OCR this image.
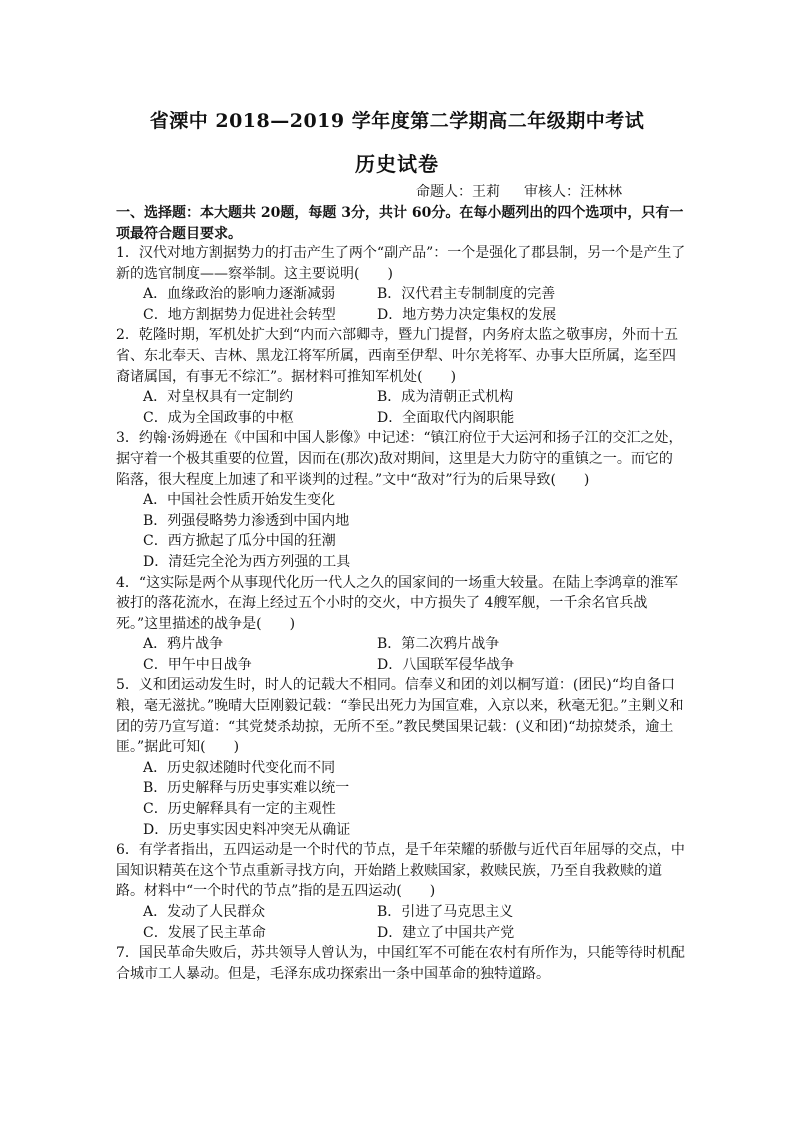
省溧中 2018—2019 学年度第二学期高二年级期中考试
历史试卷
命题人：王莉 审核人：汪林林
一、选择题：本大题共 20题，每题 3分，共计 60分。在每小题列出的四个选项中，只有一项最符合题目要求。

1．汉代对地方割据势力的打击产生了两个“副产品”：一个是强化了郡县制，另一个是产生了新的选官制度——察举制。这主要说明(　　)

A．血缘政治的影响力逐渐减弱	B．汉代君主专制制度的完善
C．地方割据势力促进社会转型	D．地方势力决定集权的发展

2．乾隆时期，军机处扩大到“内而六部卿寺，暨九门提督，内务府太监之敬事房，外而十五省、东北奉天、吉林、黑龙江将军所属，西南至伊犁、叶尔羌将军、办事大臣所属，迄至四裔诸属国，有事无不综汇”。据材料可推知军机处(　　)

A．对皇权具有一定制约	B．成为清朝正式机构
C．成为全国政事的中枢	D．全面取代内阁职能

3．约翰·汤姆逊在《中国和中国人影像》中记述：“镇江府位于大运河和扬子江的交汇之处，据守着一个极其重要的位置，因而在(那次)敌对期间，这里是大力防守的重镇之一。而它的陷落，很大程度上加速了和平谈判的过程。”文中“敌对”行为的后果导致(　　)

A．中国社会性质开始发生变化
B．列强侵略势力渗透到中国内地
C．西方掀起了瓜分中国的狂潮
D．清廷完全沦为西方列强的工具

4．“这实际是两个从事现代化历一代人之久的国家间的一场重大较量。在陆上李鸿章的淮军被打的落花流水，在海上经过五个小时的交火，中方损失了 4艘军舰，一千余名官兵战死。”这里描述的战争是(　　)

A．鸦片战争	B．第二次鸦片战争
C．甲午中日战争	D．八国联军侵华战争

5．义和团运动发生时，时人的记载大不相同。信奉义和团的刘以桐写道：(团民)“均自备口粮，毫无滋扰。”晚晴大臣刚毅记载：“拳民出死力为国宣难，入京以来，秋毫无犯。”主剿义和团的劳乃宣写道：“其党焚杀劫掠，无所不至。”教民樊国果记载：(义和团)“劫掠焚杀，逾土匪。”据此可知(　　)

A．历史叙述随时代变化而不同
B．历史解释与历史事实难以统一
C．历史解释具有一定的主观性
D．历史事实因史料冲突无从确证

6．有学者指出，五四运动是一个时代的节点，是千年荣耀的骄傲与近代百年屈辱的交点，中国知识精英在这个节点重新寻找方向，开始踏上救赎国家，救赎民族，乃至自我救赎的道路。材料中“一个时代的节点”指的是五四运动(　　)

A．发动了人民群众	B．引进了马克思主义
C．发展了民主革命	D．建立了中国共产党

7．国民革命失败后，苏共领导人曾认为，中国红军不可能在农村有所作为，只能等待时机配合城市工人暴动。但是，毛泽东成功探索出一条中国革命的独特道路。
